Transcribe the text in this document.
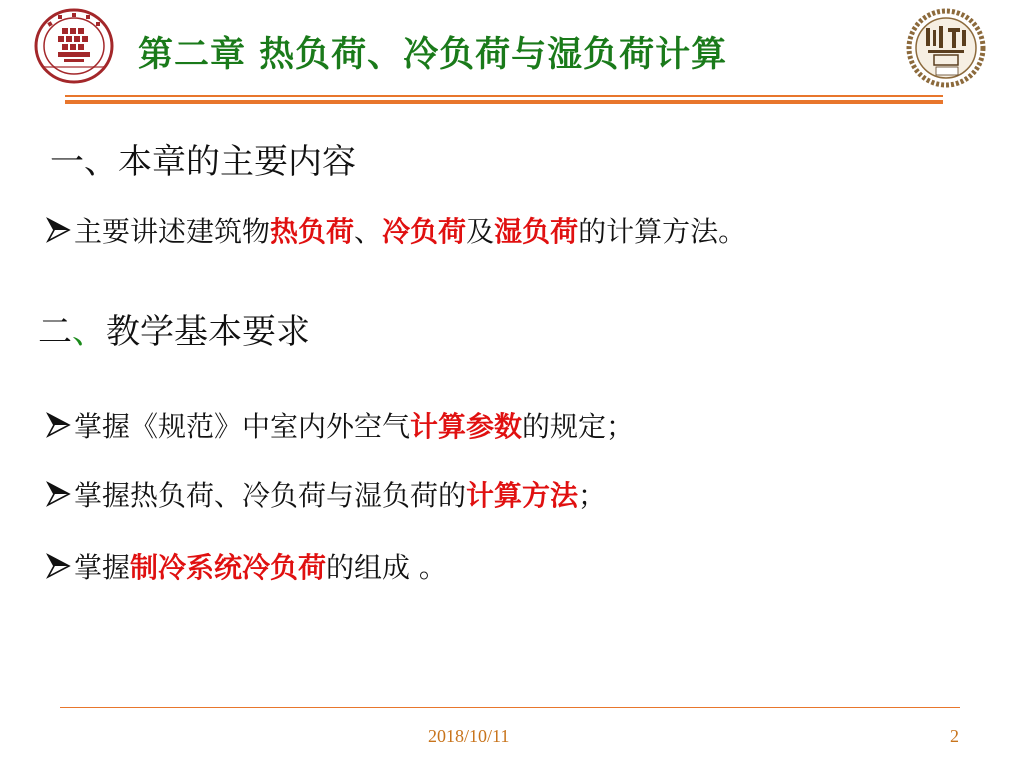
第二章 热负荷、冷负荷与湿负荷计算
一、本章的主要内容
主要讲述建筑物 热负荷 、 冷负荷 及 湿负荷 的计算方法。
二、教学基本要求
掌握《规范》中室内外空气 计算参数 的规定；
掌握热负荷、冷负荷与湿负荷的 计算方法 ；
掌握 制冷系统冷负荷 的组成 。
2018/10/11	2
